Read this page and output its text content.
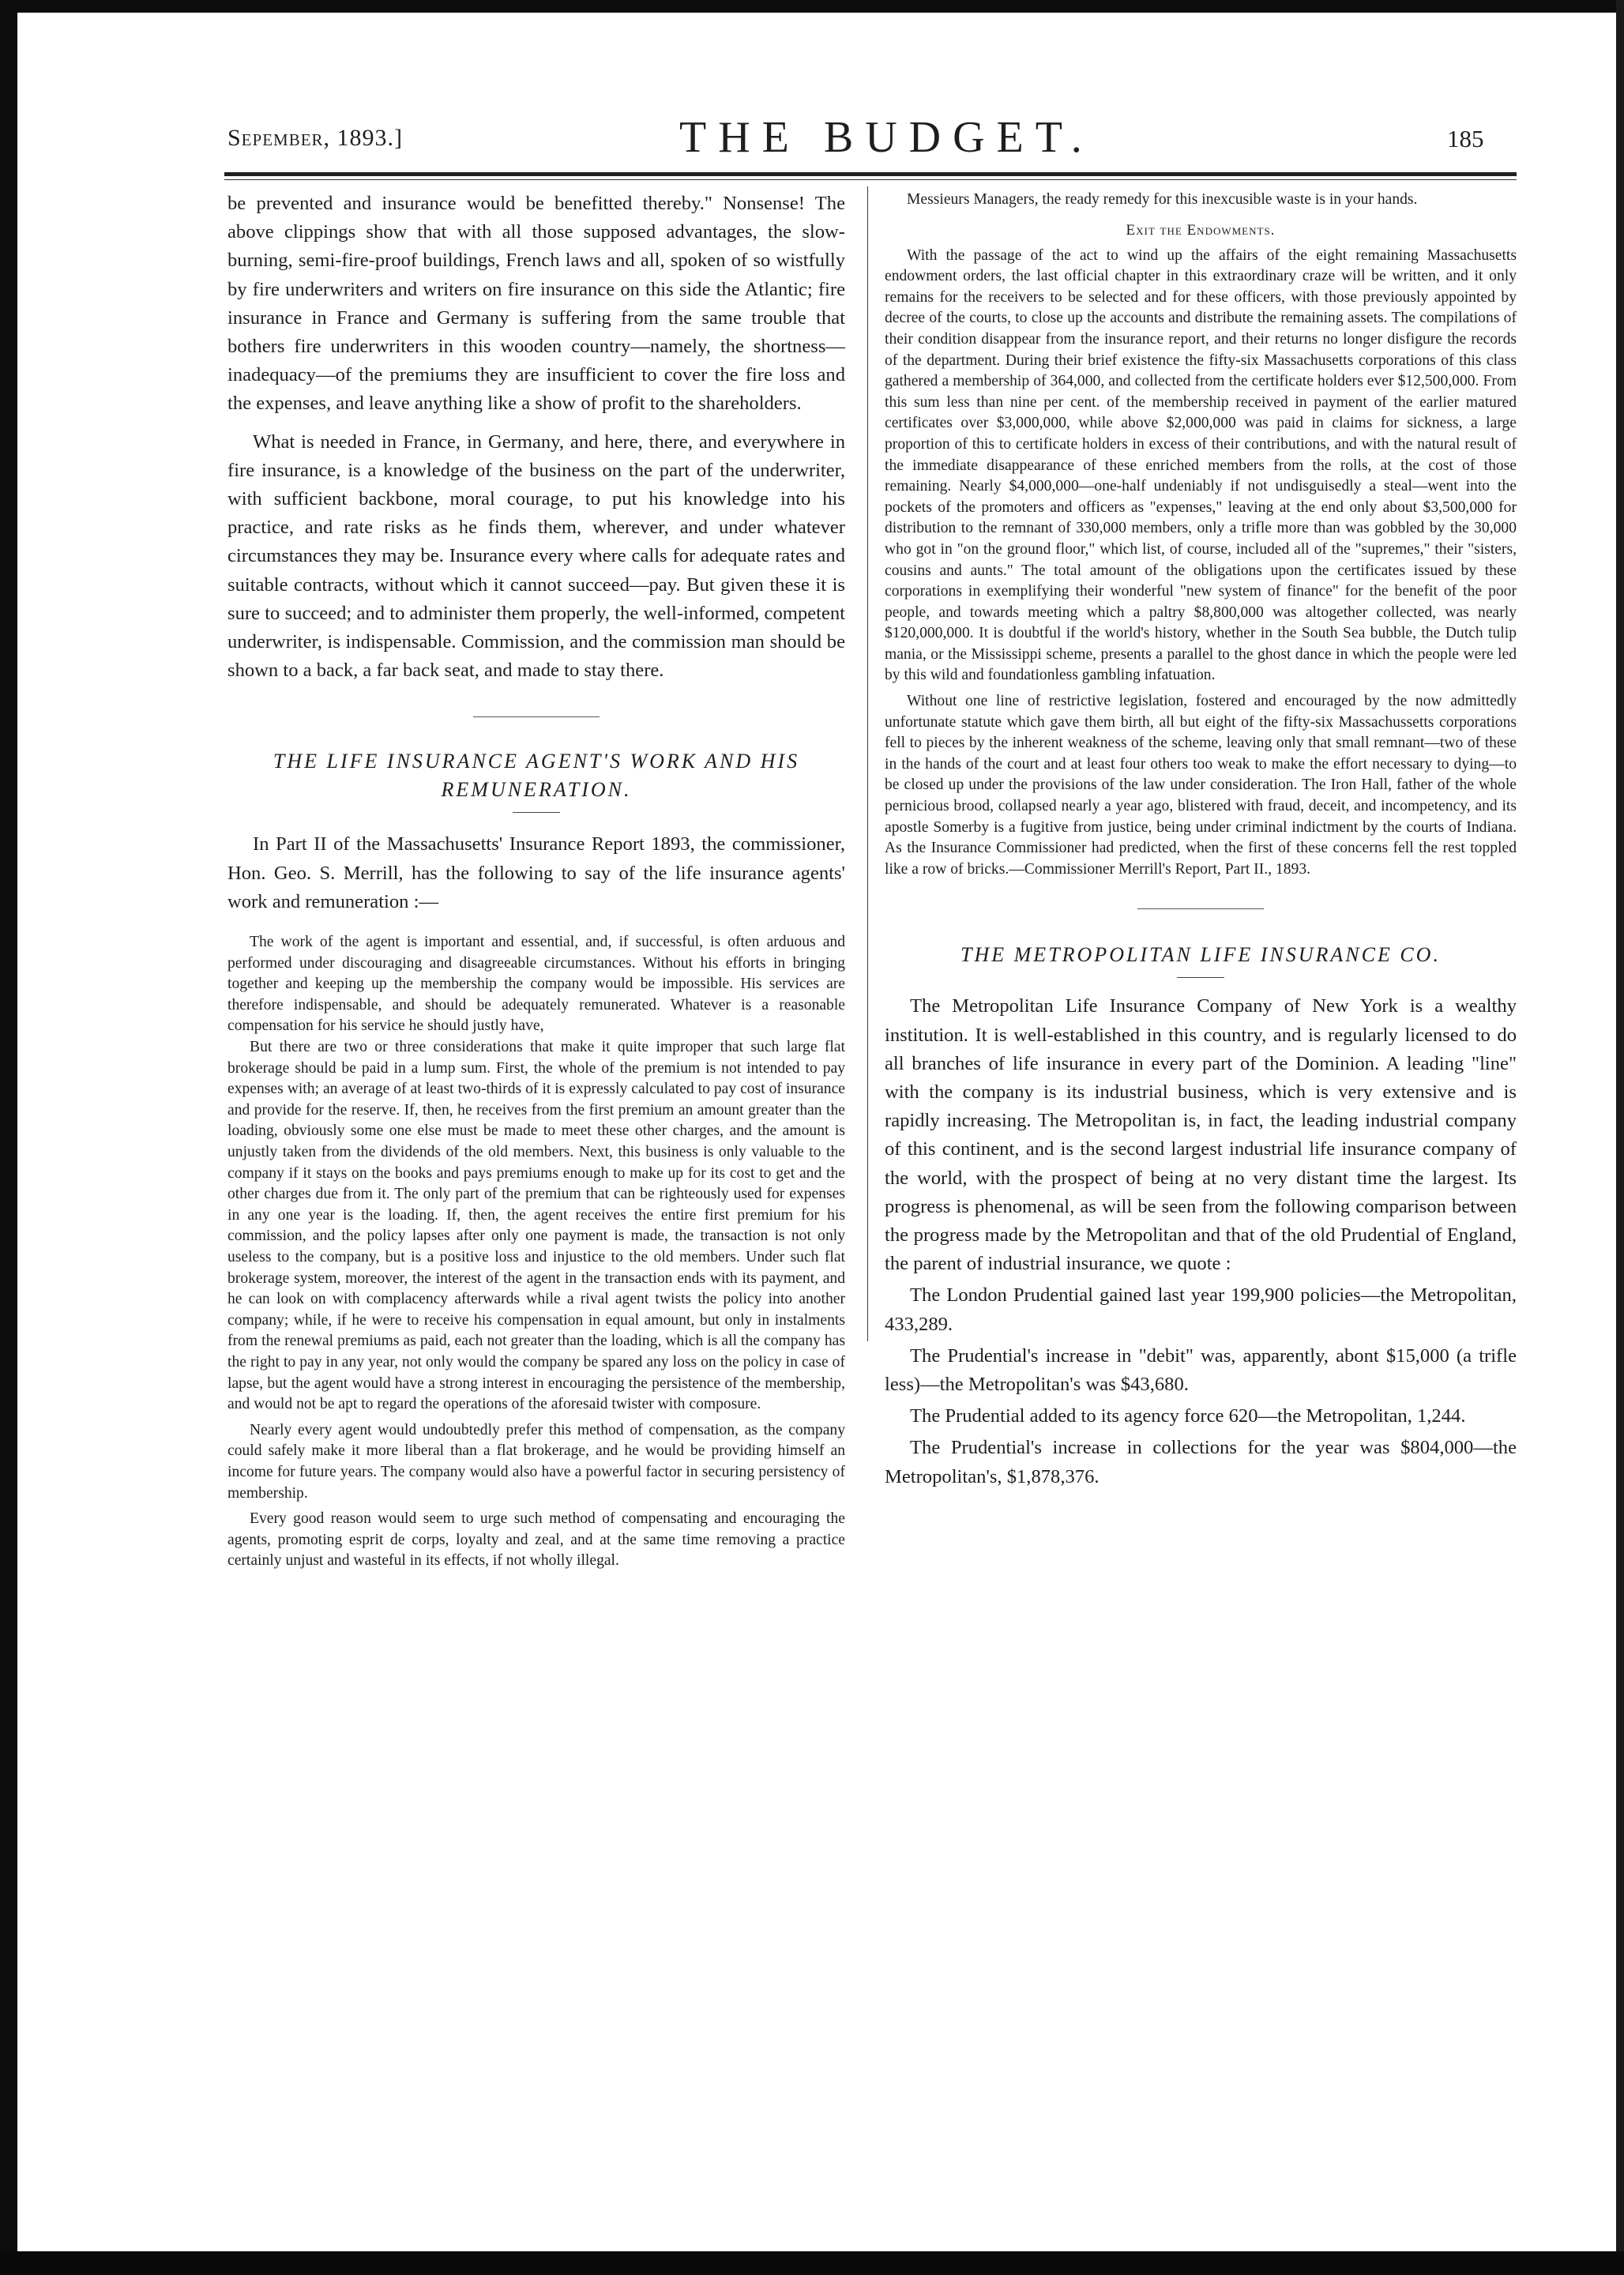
Sepember, 1893.]	THE BUDGET.	185

be prevented and insurance would be benefitted thereby." Nonsense! The above clippings show that with all those supposed advantages, the slow-burning, semi-fire-proof buildings, French laws and all, spoken of so wistfully by fire underwriters and writers on fire insurance on this side the Atlantic; fire insurance in France and Germany is suffering from the same trouble that bothers fire underwriters in this wooden country—namely, the shortness—inadequacy—of the premiums they are insufficient to cover the fire loss and the expenses, and leave anything like a show of profit to the shareholders.

What is needed in France, in Germany, and here, there, and everywhere in fire insurance, is a knowledge of the business on the part of the underwriter, with sufficient backbone, moral courage, to put his knowledge into his practice, and rate risks as he finds them, wherever, and under whatever circumstances they may be. Insurance every where calls for adequate rates and suitable contracts, without which it cannot succeed—pay. But given these it is sure to succeed; and to administer them properly, the well-informed, competent underwriter, is indispensable. Commission, and the commission man should be shown to a back, a far back seat, and made to stay there.

THE LIFE INSURANCE AGENT'S WORK AND HIS REMUNERATION.

In Part II of the Massachusetts' Insurance Report 1893, the commissioner, Hon. Geo. S. Merrill, has the following to say of the life insurance agents' work and remuneration :—

The work of the agent is important and essential, and, if successful, is often arduous and performed under discouraging and disagreeable circumstances. Without his efforts in bringing together and keeping up the membership the company would be impossible. His services are therefore indispensable, and should be adequately remunerated. Whatever is a reasonable compensation for his service he should justly have,

But there are two or three considerations that make it quite improper that such large flat brokerage should be paid in a lump sum. First, the whole of the premium is not intended to pay expenses with; an average of at least two-thirds of it is expressly calculated to pay cost of insurance and provide for the reserve. If, then, he receives from the first premium an amount greater than the loading, obviously some one else must be made to meet these other charges, and the amount is unjustly taken from the dividends of the old members. Next, this business is only valuable to the company if it stays on the books and pays premiums enough to make up for its cost to get and the other charges due from it. The only part of the premium that can be righteously used for expenses in any one year is the loading. If, then, the agent receives the entire first premium for his commission, and the policy lapses after only one payment is made, the transaction is not only useless to the company, but is a positive loss and injustice to the old members. Under such flat brokerage system, moreover, the interest of the agent in the transaction ends with its payment, and he can look on with complacency afterwards while a rival agent twists the policy into another company; while, if he were to receive his compensation in equal amount, but only in instalments from the renewal premiums as paid, each not greater than the loading, which is all the company has the right to pay in any year, not only would the company be spared any loss on the policy in case of lapse, but the agent would have a strong interest in encouraging the persistence of the membership, and would not be apt to regard the operations of the aforesaid twister with composure.

Nearly every agent would undoubtedly prefer this method of compensation, as the company could safely make it more liberal than a flat brokerage, and he would be providing himself an income for future years. The company would also have a powerful factor in securing persistency of membership.

Every good reason would seem to urge such method of compensating and encouraging the agents, promoting esprit de corps, loyalty and zeal, and at the same time removing a practice certainly unjust and wasteful in its effects, if not wholly illegal.

Messieurs Managers, the ready remedy for this inexcusible waste is in your hands.

Exit the Endowments.

With the passage of the act to wind up the affairs of the eight remaining Massachusetts endowment orders, the last official chapter in this extraordinary craze will be written, and it only remains for the receivers to be selected and for these officers, with those previously appointed by decree of the courts, to close up the accounts and distribute the remaining assets. The compilations of their condition disappear from the insurance report, and their returns no longer disfigure the records of the department. During their brief existence the fifty-six Massachusetts corporations of this class gathered a membership of 364,000, and collected from the certificate holders ever $12,500,000. From this sum less than nine per cent. of the membership received in payment of the earlier matured certificates over $3,000,000, while above $2,000,000 was paid in claims for sickness, a large proportion of this to certificate holders in excess of their contributions, and with the natural result of the immediate disappearance of these enriched members from the rolls, at the cost of those remaining. Nearly $4,000,000—one-half undeniably if not undisguisedly a steal—went into the pockets of the promoters and officers as "expenses," leaving at the end only about $3,500,000 for distribution to the remnant of 330,000 members, only a trifle more than was gobbled by the 30,000 who got in "on the ground floor," which list, of course, included all of the "supremes," their "sisters, cousins and aunts." The total amount of the obligations upon the certificates issued by these corporations in exemplifying their wonderful "new system of finance" for the benefit of the poor people, and towards meeting which a paltry $8,800,000 was altogether collected, was nearly $120,000,000. It is doubtful if the world's history, whether in the South Sea bubble, the Dutch tulip mania, or the Mississippi scheme, presents a parallel to the ghost dance in which the people were led by this wild and foundationless gambling infatuation.

Without one line of restrictive legislation, fostered and encouraged by the now admittedly unfortunate statute which gave them birth, all but eight of the fifty-six Massachussetts corporations fell to pieces by the inherent weakness of the scheme, leaving only that small remnant—two of these in the hands of the court and at least four others too weak to make the effort necessary to dying—to be closed up under the provisions of the law under consideration. The Iron Hall, father of the whole pernicious brood, collapsed nearly a year ago, blistered with fraud, deceit, and incompetency, and its apostle Somerby is a fugitive from justice, being under criminal indictment by the courts of Indiana. As the Insurance Commissioner had predicted, when the first of these concerns fell the rest toppled like a row of bricks.—Commissioner Merrill's Report, Part II., 1893.

THE METROPOLITAN LIFE INSURANCE CO.

The Metropolitan Life Insurance Company of New York is a wealthy institution. It is well-established in this country, and is regularly licensed to do all branches of life insurance in every part of the Dominion. A leading "line" with the company is its industrial business, which is very extensive and is rapidly increasing. The Metropolitan is, in fact, the leading industrial company of this continent, and is the second largest industrial life insurance company of the world, with the prospect of being at no very distant time the largest. Its progress is phenomenal, as will be seen from the following comparison between the progress made by the Metropolitan and that of the old Prudential of England, the parent of industrial insurance, we quote :

The London Prudential gained last year 199,900 policies—the Metropolitan, 433,289.

The Prudential's increase in "debit" was, apparently, abont $15,000 (a trifle less)—the Metropolitan's was $43,680.

The Prudential added to its agency force 620—the Metropolitan, 1,244.

The Prudential's increase in collections for the year was $804,000—the Metropolitan's, $1,878,376.
